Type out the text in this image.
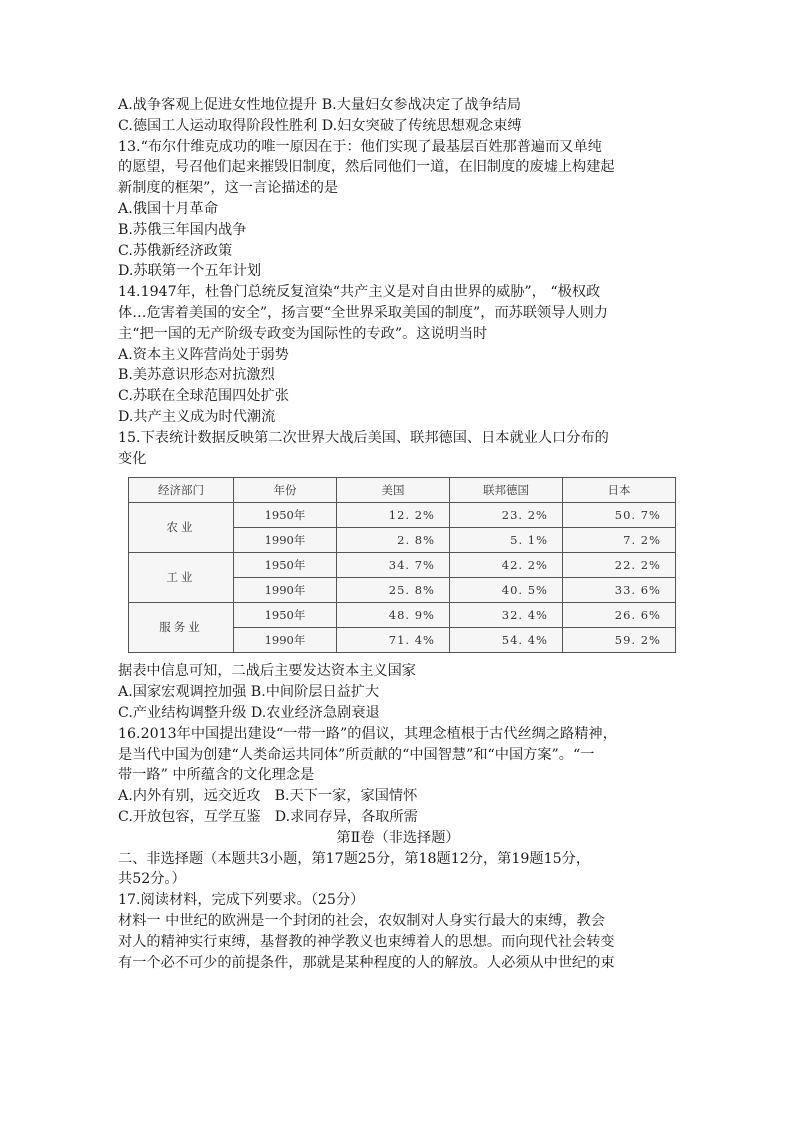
A.战争客观上促进女性地位提升 B.大量妇女参战决定了战争结局
C.德国工人运动取得阶段性胜利 D.妇女突破了传统思想观念束缚
13.“布尔什维克成功的唯一原因在于：他们实现了最基层百姓那普遍而又单纯
的愿望，号召他们起来摧毁旧制度，然后同他们一道，在旧制度的废墟上构建起
新制度的框架”，这一言论描述的是
A.俄国十月革命
B.苏俄三年国内战争
C.苏俄新经济政策
D.苏联第一个五年计划
14.1947年，杜鲁门总统反复渲染“共产主义是对自由世界的威胁”， “极权政
体…危害着美国的安全”，扬言要“全世界采取美国的制度”，而苏联领导人则力
主“把一国的无产阶级专政变为国际性的专政”。这说明当时
A.资本主义阵营尚处于弱势
B.美苏意识形态对抗激烈
C.苏联在全球范围四处扩张
D.共产主义成为时代潮流
15.下表统计数据反映第二次世界大战后美国、联邦德国、日本就业人口分布的
变化
经济部门	年份	美国	联邦德国	日本
农业	1950年	12. 2%	23. 2%	50. 7%
	1990年	2. 8%	5. 1%	7. 2%
工业	1950年	34. 7%	42. 2%	22. 2%
	1990年	25. 8%	40. 5%	33. 6%
服务业	1950年	48. 9%	32. 4%	26. 6%
	1990年	71. 4%	54. 4%	59. 2%
据表中信息可知，二战后主要发达资本主义国家
A.国家宏观调控加强 B.中间阶层日益扩大
C.产业结构调整升级 D.农业经济急剧衰退
16.2013年中国提出建设“一带一路”的倡议，其理念植根于古代丝绸之路精神，
是当代中国为创建“人类命运共同体”所贡献的“中国智慧”和“中国方案”。“一
带一路” 中所蕴含的文化理念是
A.内外有别，远交近攻　B.天下一家，家国情怀
C.开放包容，互学互鉴　D.求同存异，各取所需
第Ⅱ卷（非选择题）
二、非选择题（本题共3小题，第17题25分，第18题12分，第19题15分，
共52分。）
17.阅读材料，完成下列要求。（25分）
材料一 中世纪的欧洲是一个封闭的社会，农奴制对人身实行最大的束缚，教会
对人的精神实行束缚，基督教的神学教义也束缚着人的思想。而向现代社会转变
有一个必不可少的前提条件，那就是某种程度的人的解放。人必须从中世纪的束
